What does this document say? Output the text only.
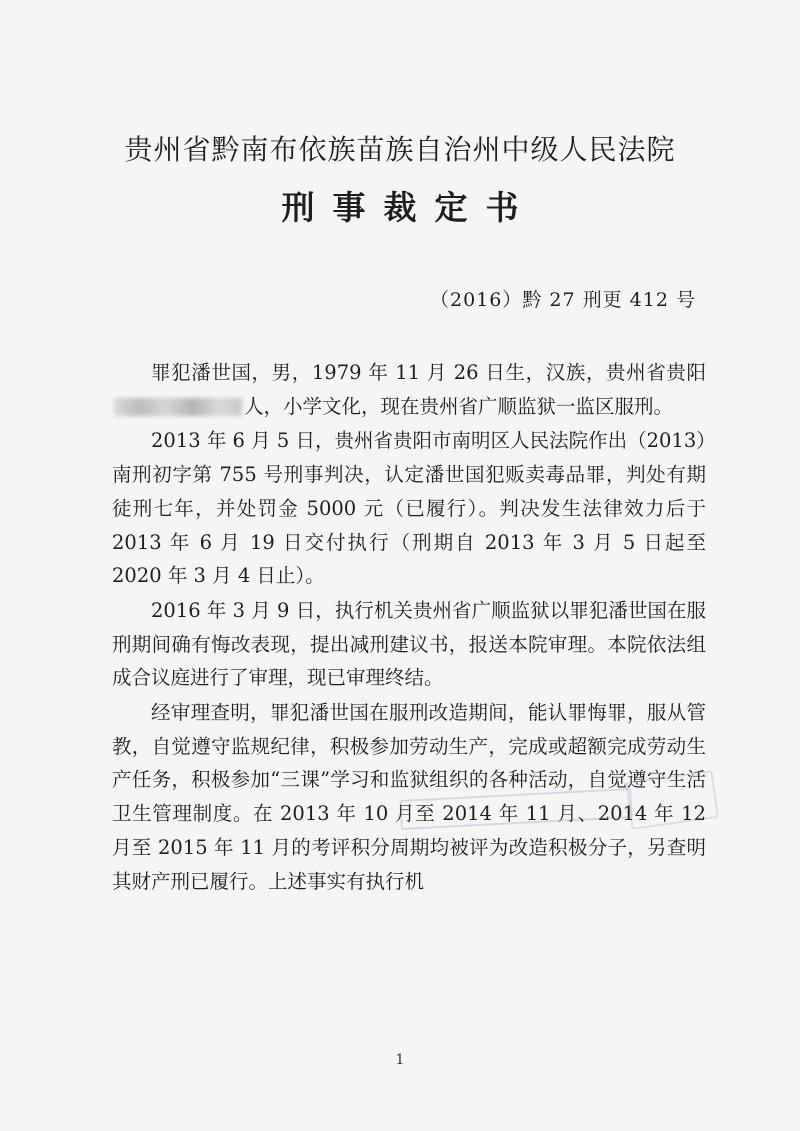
贵州省黔南布依族苗族自治州中级人民法院
刑事裁定书
（2016）黔 27 刑更 412 号

罪犯潘世国，男，1979 年 11 月 26 日生，汉族，贵州省贵阳人，小学文化，现在贵州省广顺监狱一监区服刑。

2013 年 6 月 5 日，贵州省贵阳市南明区人民法院作出（2013）南刑初字第 755 号刑事判决，认定潘世国犯贩卖毒品罪，判处有期徒刑七年，并处罚金 5000 元（已履行）。判决发生法律效力后于 2013 年 6 月 19 日交付执行（刑期自 2013 年 3 月 5 日起至 2020 年 3 月 4 日止）。

2016 年 3 月 9 日，执行机关贵州省广顺监狱以罪犯潘世国在服刑期间确有悔改表现，提出减刑建议书，报送本院审理。本院依法组成合议庭进行了审理，现已审理终结。

经审理查明，罪犯潘世国在服刑改造期间，能认罪悔罪，服从管教，自觉遵守监规纪律，积极参加劳动生产，完成或超额完成劳动生产任务，积极参加“三课”学习和监狱组织的各种活动，自觉遵守生活卫生管理制度。在 2013 年 10 月至 2014 年 11 月、2014 年 12 月至 2015 年 11 月的考评积分周期均被评为改造积极分子，另查明其财产刑已履行。上述事实有执行机

1
